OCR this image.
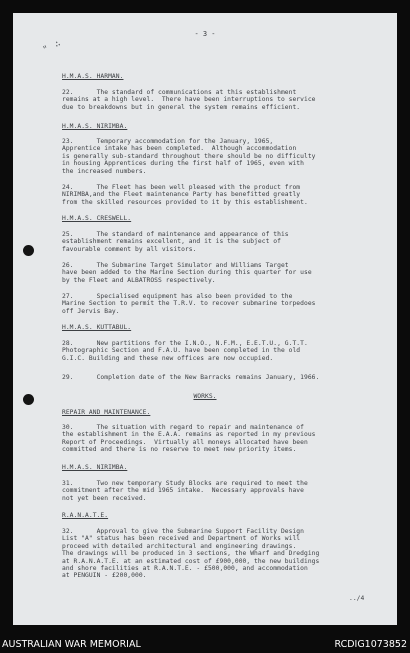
" ∴
- 3 -
H.M.A.S. HARMAN.
22.      The standard of communications at this establishment
remains at a high level.  There have been interruptions to service
due to breakdowns but in general the system remains efficient.
H.M.A.S. NIRIMBA.
23.      Temporary accommodation for the January, 1965,
Apprentice intake has been completed.  Although accommodation
is generally sub-standard throughout there should be no difficulty
in housing Apprentices during the first half of 1965, even with
the increased numbers.
24.      The Fleet has been well pleased with the product from
NIRIMBA,and the Fleet maintenance Party has benefitted greatly
from the skilled resources provided to it by this establishment.
H.M.A.S. CRESWELL.
25.      The standard of maintenance and appearance of this
establishment remains excellent, and it is the subject of
favourable comment by all visitors.
26.      The Submarine Target Simulator and Williams Target
have been added to the Marine Section during this quarter for use
by the Fleet and ALBATROSS respectively.
27.      Specialised equipment has also been provided to the
Marine Section to permit the T.R.V. to recover submarine torpedoes
off Jervis Bay.
H.M.A.S. KUTTABUL.
28.      New partitions for the I.N.O., N.F.M., E.E.T.U., G.T.T.
Photographic Section and F.A.U. have been completed in the old
G.I.C. Building and these new offices are now occupied.
29.      Completion date of the New Barracks remains January, 1966.
WORKS.
REPAIR AND MAINTENANCE.
30.      The situation with regard to repair and maintenance of
the establishment in the E.A.A. remains as reported in my previous
Report of Proceedings.  Virtually all moneys allocated have been
committed and there is no reserve to meet new priority items.
H.M.A.S. NIRIMBA.
31.      Two new temporary Study Blocks are required to meet the
commitment after the mid 1965 intake.  Necessary approvals have
not yet been received.
R.A.N.A.T.E.
32.      Approval to give the Submarine Support Facility Design
List "A" status has been received and Department of Works will
proceed with detailed architectural and engineering drawings.
The drawings will be produced in 3 sections, the Wharf and Dredging
at R.A.N.A.T.E. at an estimated cost of £900,000, the new buildings
and shore facilities at R.A.N.T.E. - £500,000, and accommodation
at PENGUIN - £200,000.
../4
AUSTRALIAN WAR MEMORIAL	RCDIG1073852
